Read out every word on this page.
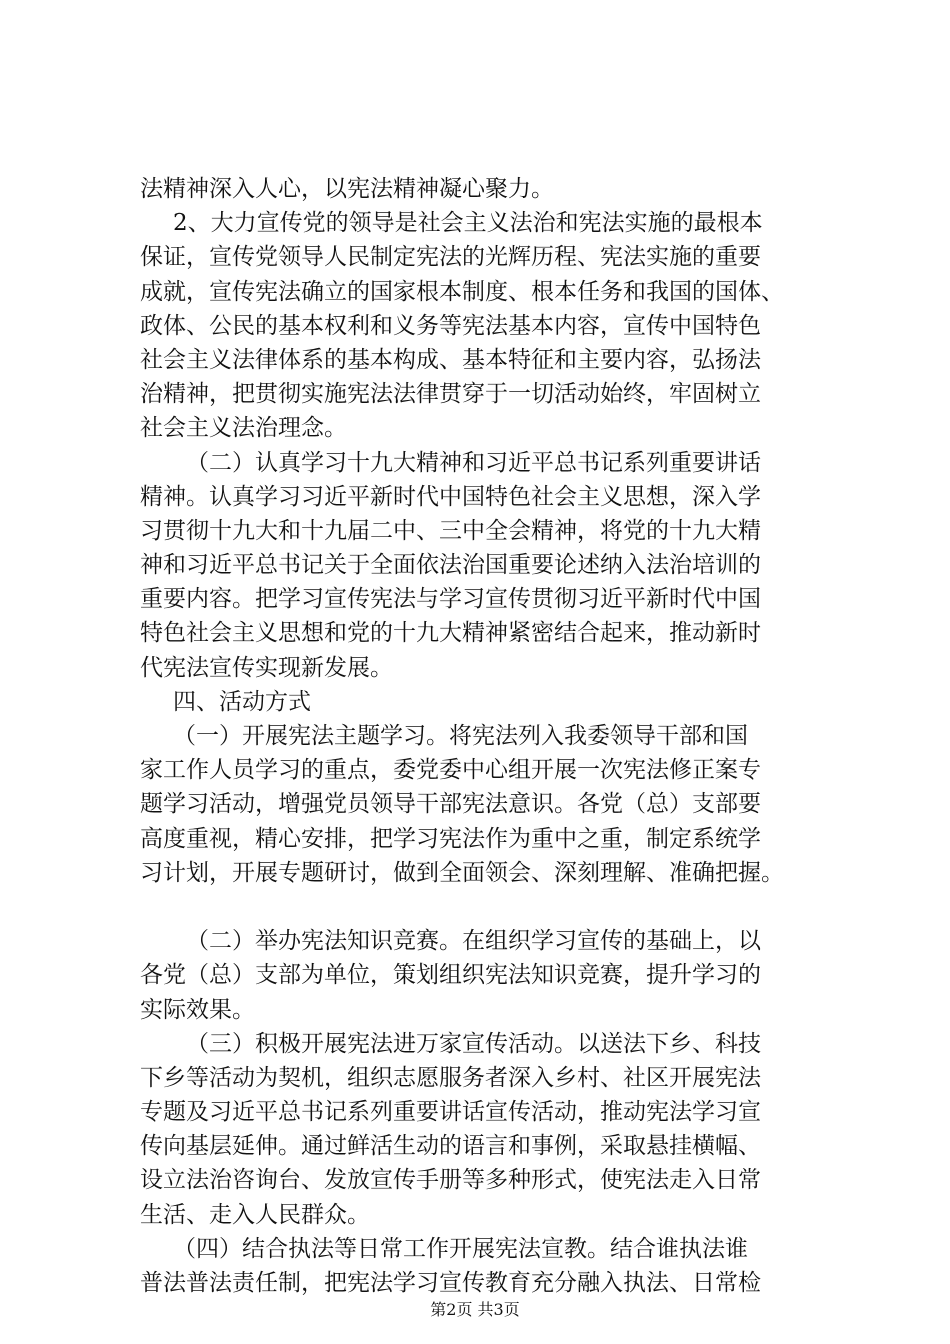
法精神深入人心，以宪法精神凝心聚力。
2、大力宣传党的领导是社会主义法治和宪法实施的最根本
保证，宣传党领导人民制定宪法的光辉历程、宪法实施的重要
成就，宣传宪法确立的国家根本制度、根本任务和我国的国体、
政体、公民的基本权利和义务等宪法基本内容，宣传中国特色
社会主义法律体系的基本构成、基本特征和主要内容，弘扬法
治精神，把贯彻实施宪法法律贯穿于一切活动始终，牢固树立
社会主义法治理念。
（二）认真学习十九大精神和习近平总书记系列重要讲话
精神。认真学习习近平新时代中国特色社会主义思想，深入学
习贯彻十九大和十九届二中、三中全会精神，将党的十九大精
神和习近平总书记关于全面依法治国重要论述纳入法治培训的
重要内容。把学习宣传宪法与学习宣传贯彻习近平新时代中国
特色社会主义思想和党的十九大精神紧密结合起来，推动新时
代宪法宣传实现新发展。
四、活动方式
（一）开展宪法主题学习。将宪法列入我委领导干部和国
家工作人员学习的重点，委党委中心组开展一次宪法修正案专
题学习活动，增强党员领导干部宪法意识。各党（总）支部要
高度重视，精心安排，把学习宪法作为重中之重，制定系统学
习计划，开展专题研讨，做到全面领会、深刻理解、准确把握。
（二）举办宪法知识竞赛。在组织学习宣传的基础上，以
各党（总）支部为单位，策划组织宪法知识竞赛，提升学习的
实际效果。
（三）积极开展宪法进万家宣传活动。以送法下乡、科技
下乡等活动为契机，组织志愿服务者深入乡村、社区开展宪法
专题及习近平总书记系列重要讲话宣传活动，推动宪法学习宣
传向基层延伸。通过鲜活生动的语言和事例，采取悬挂横幅、
设立法治咨询台、发放宣传手册等多种形式，使宪法走入日常
生活、走入人民群众。
（四）结合执法等日常工作开展宪法宣教。结合谁执法谁
普法普法责任制，把宪法学习宣传教育充分融入执法、日常检
第2页 共3页
